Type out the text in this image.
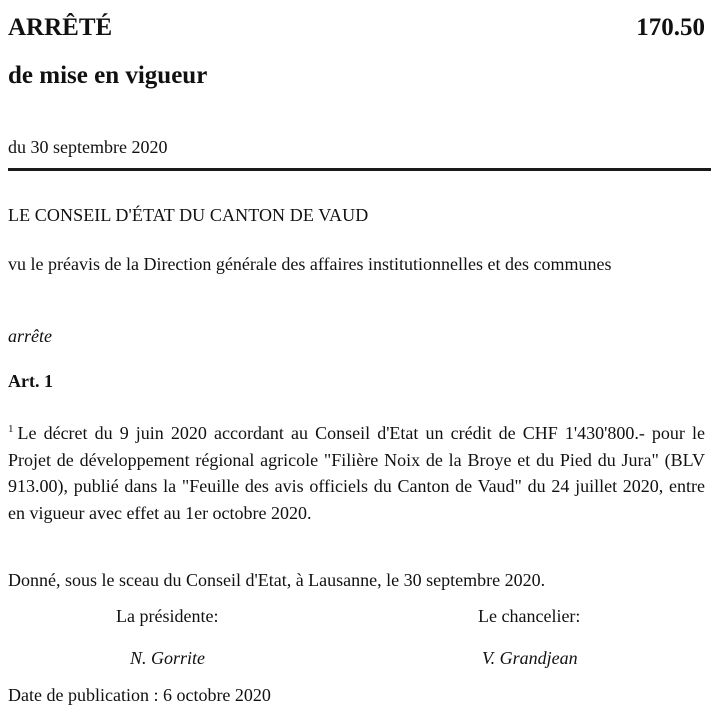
ARRÊTÉ	170.50
de mise en vigueur
du 30 septembre 2020
LE CONSEIL D'ÉTAT DU CANTON DE VAUD
vu le préavis de la Direction générale des affaires institutionnelles et des communes
arrête
Art. 1
$^1$ Le décret du 9 juin 2020 accordant au Conseil d'Etat un crédit de CHF 1'430'800.- pour le Projet de développement régional agricole "Filière Noix de la Broye et du Pied du Jura" (BLV 913.00), publié dans la "Feuille des avis officiels du Canton de Vaud" du 24 juillet 2020, entre en vigueur avec effet au 1er octobre 2020.
Donné, sous le sceau du Conseil d'Etat, à Lausanne, le 30 septembre 2020.
La présidente:	Le chancelier:
N. Gorrite	V. Grandjean
Date de publication : 6 octobre 2020
